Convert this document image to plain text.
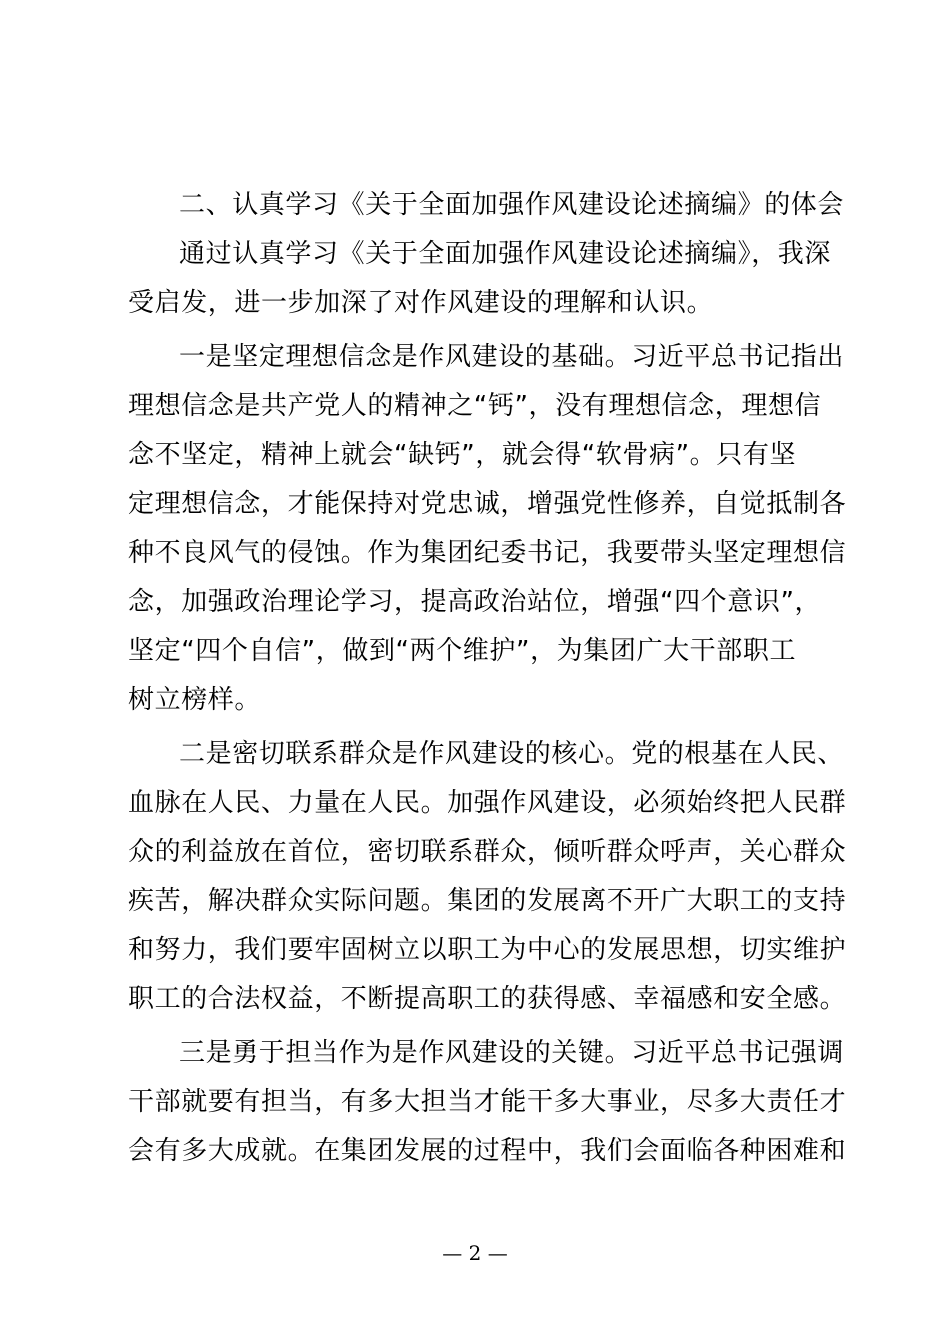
二、认真学习《关于全面加强作风建设论述摘编》的体会
通过认真学习《关于全面加强作风建设论述摘编》，我深
受启发，进一步加深了对作风建设的理解和认识。
一是坚定理想信念是作风建设的基础。习近平总书记指出
理想信念是共产党人的精神之“钙”，没有理想信念，理想信
念不坚定，精神上就会“缺钙”，就会得“软骨病”。只有坚
定理想信念，才能保持对党忠诚，增强党性修养，自觉抵制各
种不良风气的侵蚀。作为集团纪委书记，我要带头坚定理想信
念，加强政治理论学习，提高政治站位，增强“四个意识”，
坚定“四个自信”，做到“两个维护”，为集团广大干部职工
树立榜样。
二是密切联系群众是作风建设的核心。党的根基在人民、
血脉在人民、力量在人民。加强作风建设，必须始终把人民群
众的利益放在首位，密切联系群众，倾听群众呼声，关心群众
疾苦，解决群众实际问题。集团的发展离不开广大职工的支持
和努力，我们要牢固树立以职工为中心的发展思想，切实维护
职工的合法权益，不断提高职工的获得感、幸福感和安全感。
三是勇于担当作为是作风建设的关键。习近平总书记强调
干部就要有担当，有多大担当才能干多大事业，尽多大责任才
会有多大成就。在集团发展的过程中，我们会面临各种困难和
— 2 —
